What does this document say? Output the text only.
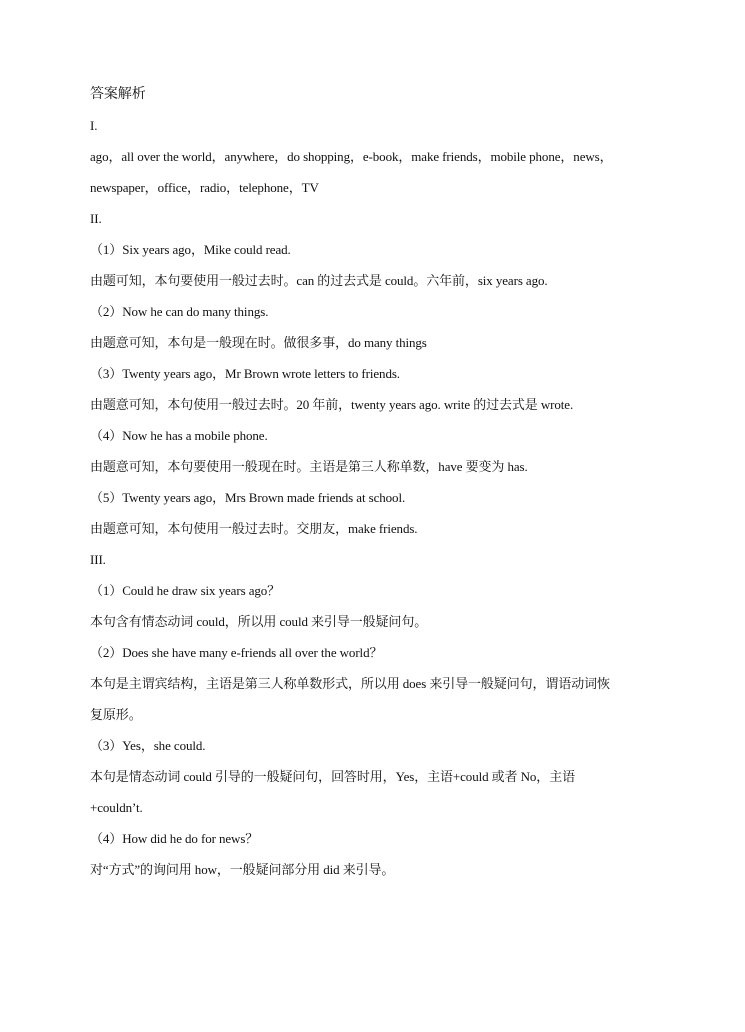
答案解析
I.
ago，all over the world，anywhere，do shopping，e-book，make friends，mobile phone，news，
newspaper，office，radio，telephone，TV
II.
（1）Six years ago，Mike could read.
由题可知，本句要使用一般过去时。can 的过去式是 could。六年前，six years ago.
（2）Now he can do many things.
由题意可知，本句是一般现在时。做很多事，do many things
（3）Twenty years ago，Mr Brown wrote letters to friends.
由题意可知，本句使用一般过去时。20 年前，twenty years ago. write 的过去式是 wrote.
（4）Now he has a mobile phone.
由题意可知，本句要使用一般现在时。主语是第三人称单数，have 要变为 has.
（5）Twenty years ago，Mrs Brown made friends at school.
由题意可知，本句使用一般过去时。交朋友，make friends.
III.
（1）Could he draw six years ago？
本句含有情态动词 could，所以用 could 来引导一般疑问句。
（2）Does she have many e-friends all over the world？
本句是主谓宾结构，主语是第三人称单数形式，所以用 does 来引导一般疑问句，谓语动词恢
复原形。
（3）Yes，she could.
本句是情态动词 could 引导的一般疑问句，回答时用，Yes，主语+could 或者 No，主语
+couldn’t.
（4）How did he do for news？
对“方式”的询问用 how，一般疑问部分用 did 来引导。
